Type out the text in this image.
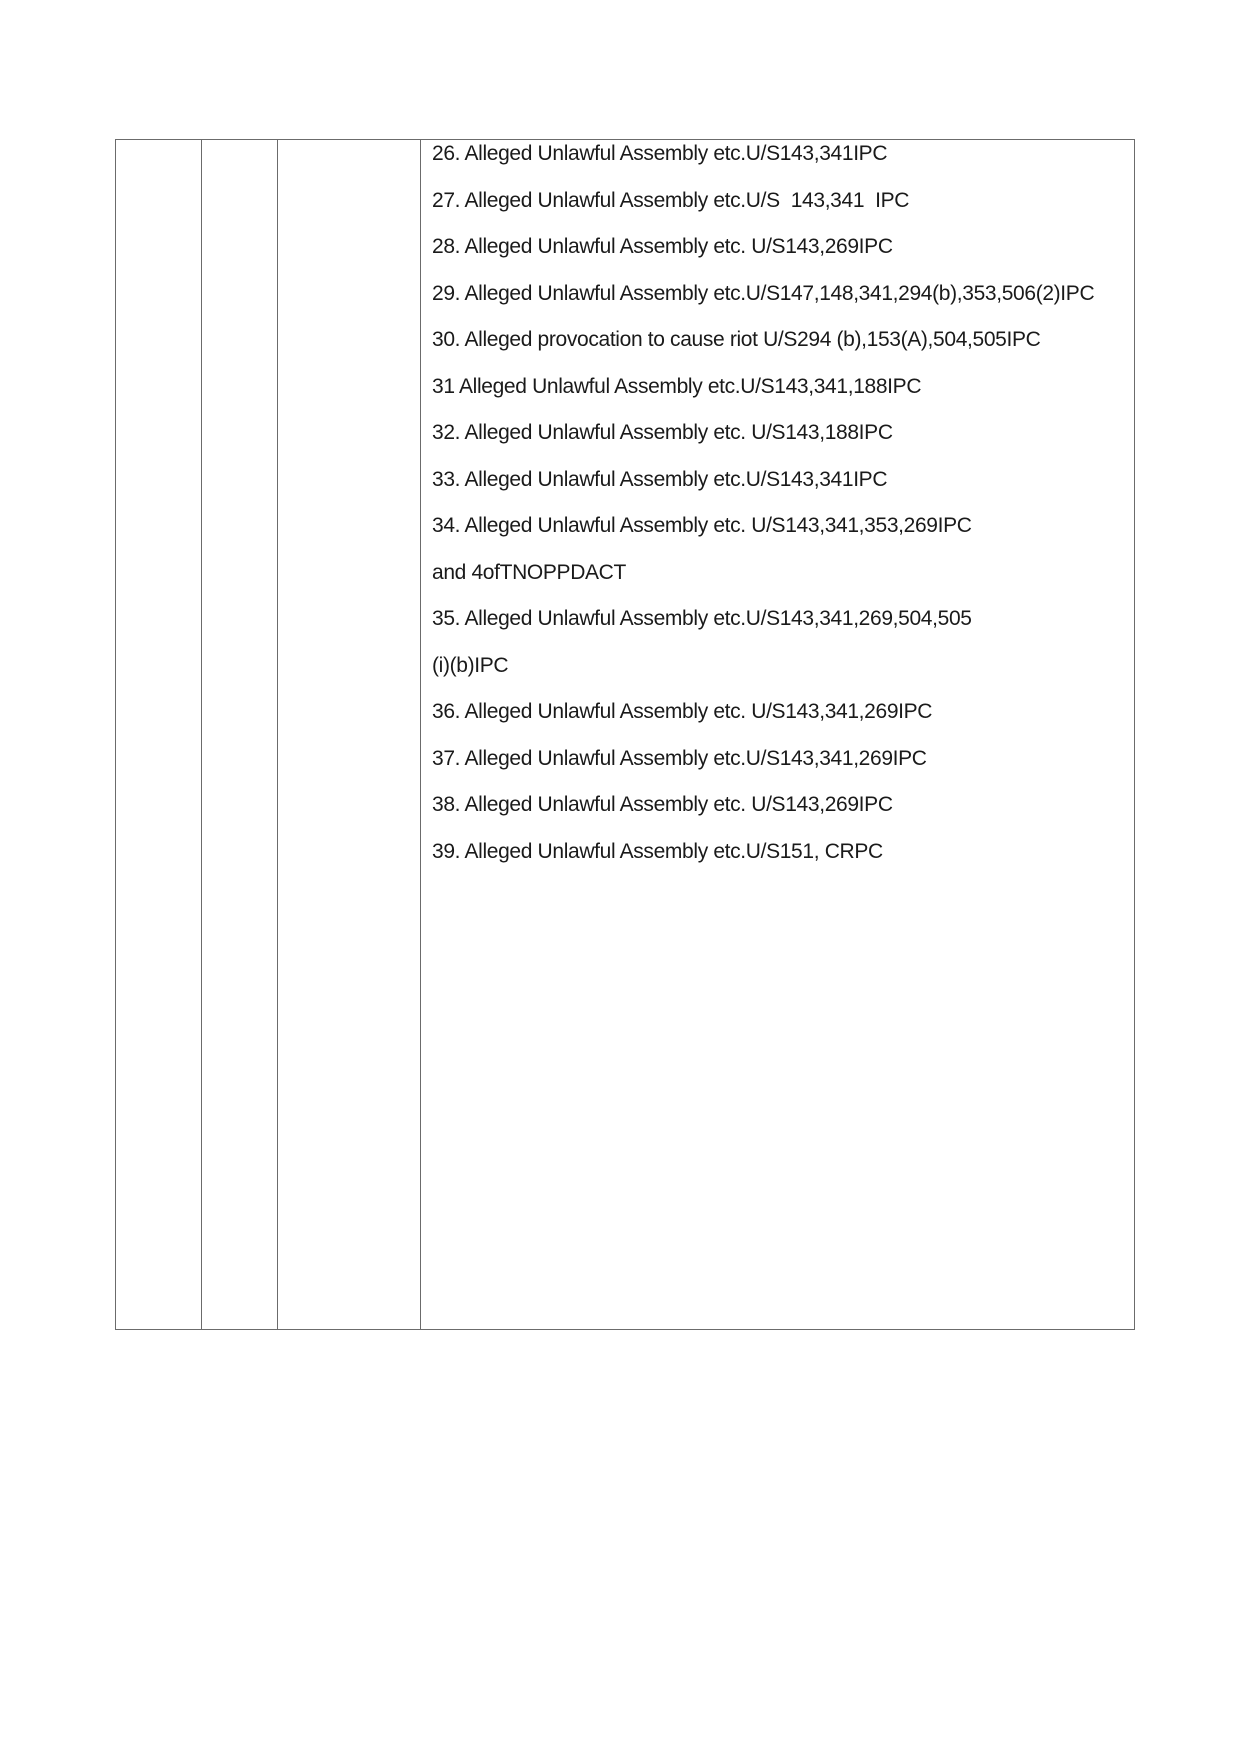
26. Alleged Unlawful Assembly etc.U/S143,341IPC
27. Alleged Unlawful Assembly etc.U/S  143,341  IPC
28. Alleged Unlawful Assembly etc. U/S143,269IPC
29. Alleged Unlawful Assembly etc.U/S147,148,341,294(b),353,506(2)IPC
30. Alleged provocation to cause riot U/S294 (b),153(A),504,505IPC
31 Alleged Unlawful Assembly etc.U/S143,341,188IPC
32. Alleged Unlawful Assembly etc. U/S143,188IPC
33. Alleged Unlawful Assembly etc.U/S143,341IPC
34. Alleged Unlawful Assembly etc. U/S143,341,353,269IPC
and 4ofTNOPPDACT
35. Alleged Unlawful Assembly etc.U/S143,341,269,504,505
(i)(b)IPC
36. Alleged Unlawful Assembly etc. U/S143,341,269IPC
37. Alleged Unlawful Assembly etc.U/S143,341,269IPC
38. Alleged Unlawful Assembly etc. U/S143,269IPC
39. Alleged Unlawful Assembly etc.U/S151, CRPC
